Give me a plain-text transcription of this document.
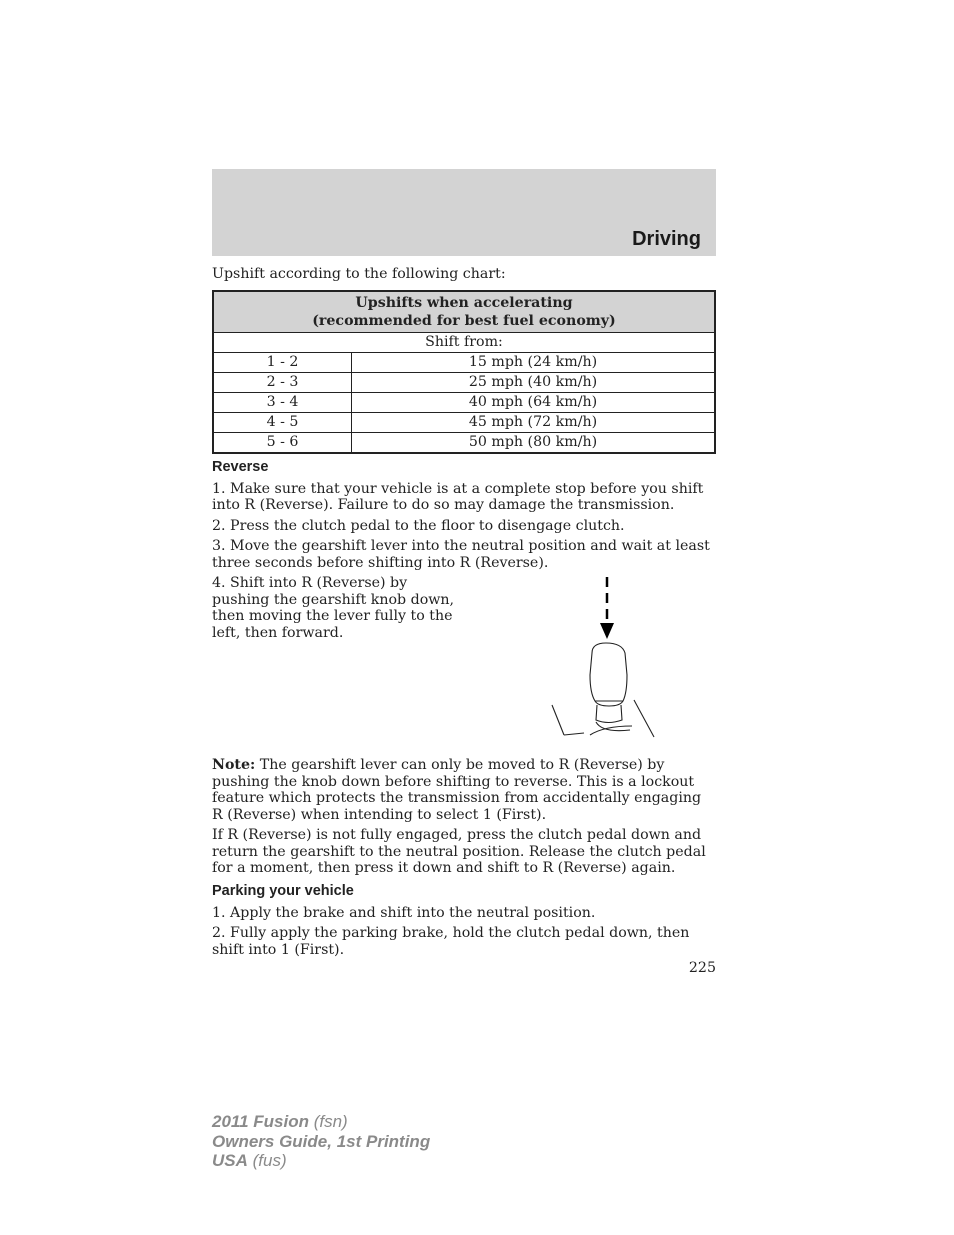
Driving

Upshift according to the following chart:

Upshifts when accelerating
(recommended for best fuel economy)	
Shift from:	
1 - 2	15 mph (24 km/h)
2 - 3	25 mph (40 km/h)
3 - 4	40 mph (64 km/h)
4 - 5	45 mph (72 km/h)
5 - 6	50 mph (80 km/h)
Reverse

1. Make sure that your vehicle is at a complete stop before you shift into R (Reverse). Failure to do so may damage the transmission.

2. Press the clutch pedal to the floor to disengage clutch.

3. Move the gearshift lever into the neutral position and wait at least three seconds before shifting into R (Reverse).

4. Shift into R (Reverse) by pushing the gearshift knob down, then moving the lever fully to the left, then forward.

Note: The gearshift lever can only be moved to R (Reverse) by pushing the knob down before shifting to reverse. This is a lockout feature which protects the transmission from accidentally engaging R (Reverse) when intending to select 1 (First).

If R (Reverse) is not fully engaged, press the clutch pedal down and return the gearshift to the neutral position. Release the clutch pedal for a moment, then press it down and shift to R (Reverse) again.

Parking your vehicle

1. Apply the brake and shift into the neutral position.

2. Fully apply the parking brake, hold the clutch pedal down, then shift into 1 (First).

225
2011 Fusion (fsn)
Owners Guide, 1st Printing
USA (fus)
